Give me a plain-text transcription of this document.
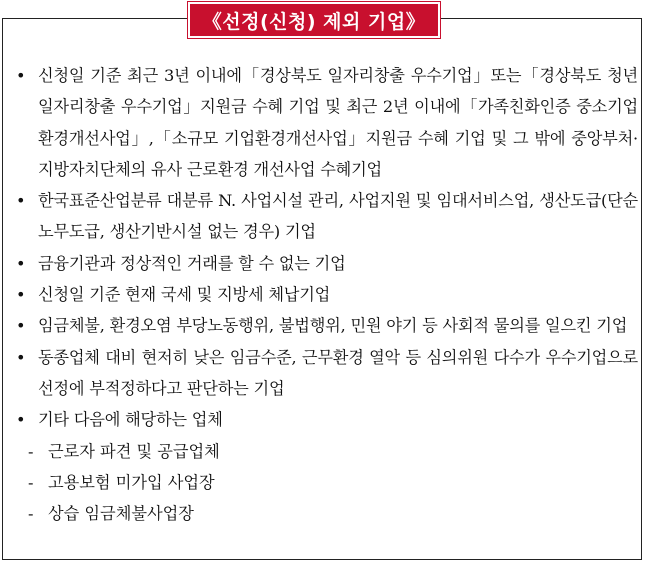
《선정(신청) 제외 기업》
• 신청일 기준 최근 3년 이내에「경상북도 일자리창출 우수기업」또는「경상북도 청년일자리창출 우수기업」지원금 수혜 기업 및 최근 2년 이내에「가족친화인증 중소기업 환경개선사업」,「소규모 기업환경개선사업」지원금 수혜 기업 및 그 밖에 중앙부처·지방자치단체의 유사 근로환경 개선사업 수혜기업
• 한국표준산업분류 대분류 N. 사업시설 관리, 사업지원 및 임대서비스업, 생산도급(단순노무도급, 생산기반시설 없는 경우) 기업
• 금융기관과 정상적인 거래를 할 수 없는 기업
• 신청일 기준 현재 국세 및 지방세 체납기업
• 임금체불, 환경오염 부당노동행위, 불법행위, 민원 야기 등 사회적 물의를 일으킨 기업
• 동종업체 대비 현저히 낮은 임금수준, 근무환경 열악 등 심의위원 다수가 우수기업으로 선정에 부적정하다고 판단하는 기업
• 기타 다음에 해당하는 업체
- 근로자 파견 및 공급업체
- 고용보험 미가입 사업장
- 상습 임금체불사업장
